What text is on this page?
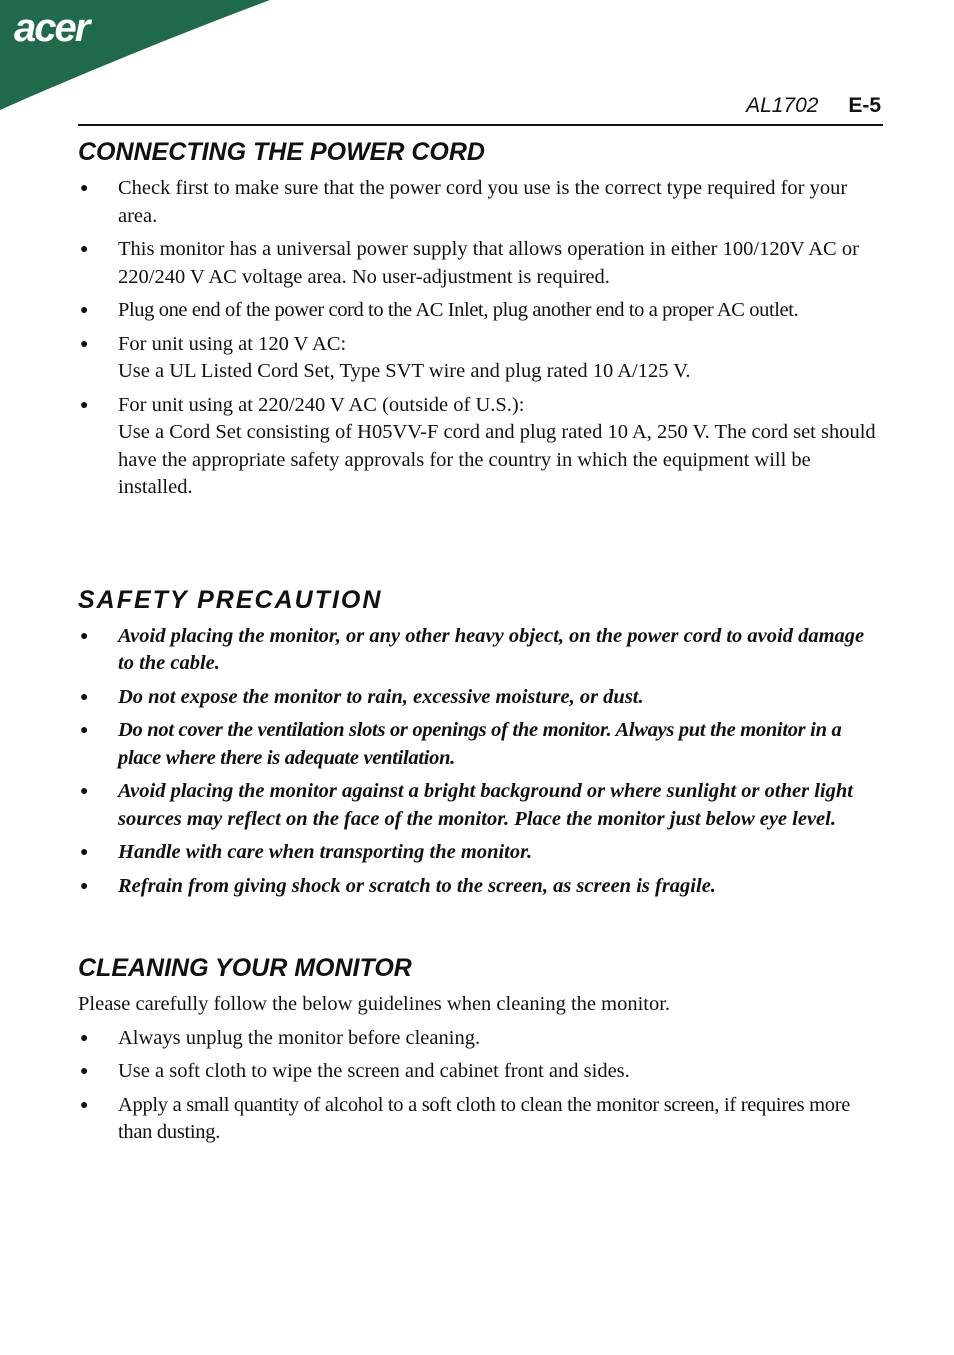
acer
AL1702 E-5
CONNECTING THE POWER CORD
● Check first to make sure that the power cord you use is the correct type required for your area.
● This monitor has a universal power supply that allows operation in either 100/120V AC or 220/240 V AC voltage area. No user-adjustment is required.
● Plug one end of the power cord to the AC Inlet, plug another end to a proper AC outlet.
● For unit using at 120 V AC:
Use a UL Listed Cord Set, Type SVT wire and plug rated 10 A/125 V.
● For unit using at 220/240 V AC (outside of U.S.):
Use a Cord Set consisting of H05VV-F cord and plug rated 10 A, 250 V. The cord set should have the appropriate safety approvals for the country in which the equipment will be installed.
SAFETY PRECAUTION
● Avoid placing the monitor, or any other heavy object, on the power cord to avoid damage to the cable.
● Do not expose the monitor to rain, excessive moisture, or dust.
● Do not cover the ventilation slots or openings of the monitor. Always put the monitor in a place where there is adequate ventilation.
● Avoid placing the monitor against a bright background or where sunlight or other light sources may reflect on the face of the monitor. Place the monitor just below eye level.
● Handle with care when transporting the monitor.
● Refrain from giving shock or scratch to the screen, as screen is fragile.
CLEANING YOUR MONITOR

Please carefully follow the below guidelines when cleaning the monitor.

● Always unplug the monitor before cleaning.
● Use a soft cloth to wipe the screen and cabinet front and sides.
● Apply a small quantity of alcohol to a soft cloth to clean the monitor screen, if requires more than dusting.
